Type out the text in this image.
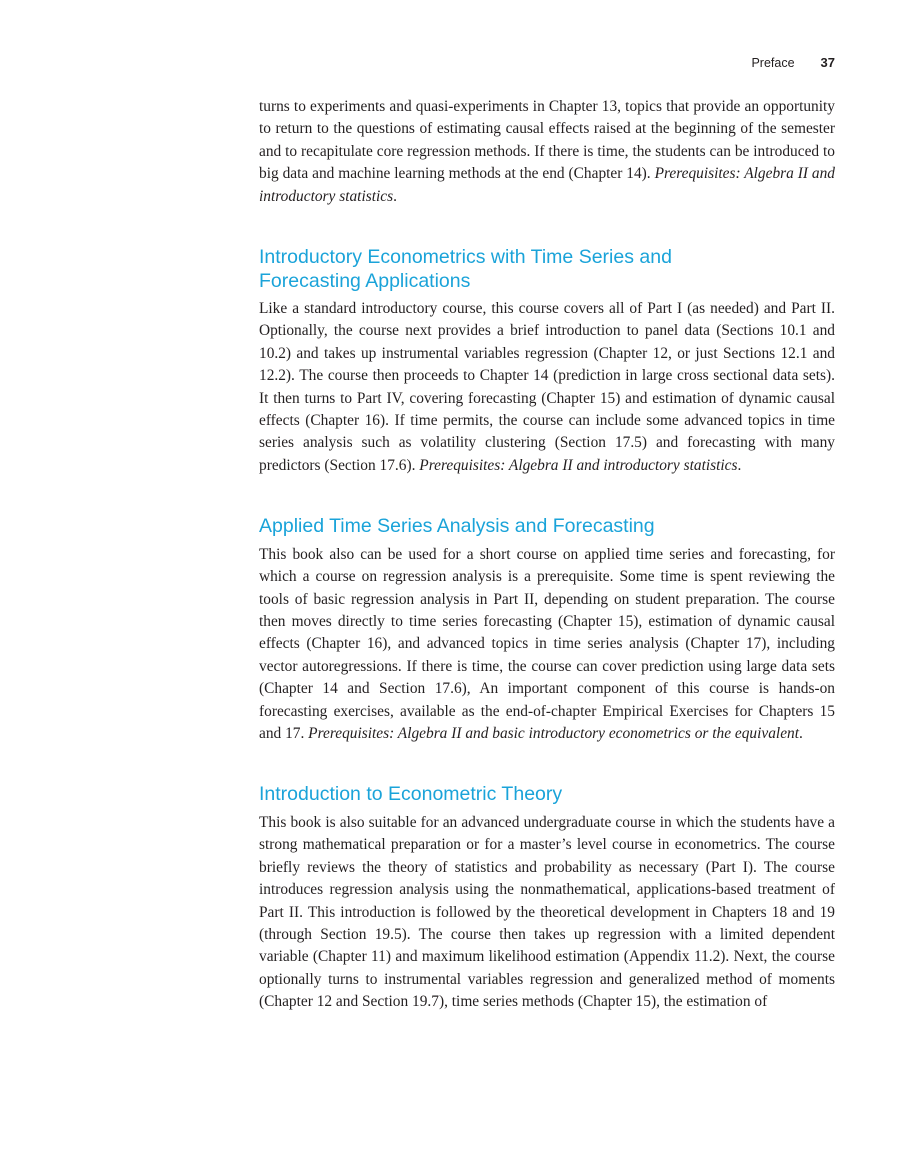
Preface 37

turns to experiments and quasi-experiments in Chapter 13, topics that provide an opportunity to return to the questions of estimating causal effects raised at the beginning of the semester and to recapitulate core regression methods. If there is time, the students can be introduced to big data and machine learning methods at the end (Chapter 14). Prerequisites: Algebra II and introductory statistics.

Introductory Econometrics with Time Series and Forecasting Applications

Like a standard introductory course, this course covers all of Part I (as needed) and Part II. Optionally, the course next provides a brief introduction to panel data (Sections 10.1 and 10.2) and takes up instrumental variables regression (Chapter 12, or just Sections 12.1 and 12.2). The course then proceeds to Chapter 14 (prediction in large cross sectional data sets). It then turns to Part IV, covering forecasting (Chapter 15) and estimation of dynamic causal effects (Chapter 16). If time permits, the course can include some advanced topics in time series analysis such as volatility clustering (Section 17.5) and forecasting with many predictors (Section 17.6). Prerequisites: Algebra II and introductory statistics.

Applied Time Series Analysis and Forecasting

This book also can be used for a short course on applied time series and forecasting, for which a course on regression analysis is a prerequisite. Some time is spent reviewing the tools of basic regression analysis in Part II, depending on student preparation. The course then moves directly to time series forecasting (Chapter 15), estimation of dynamic causal effects (Chapter 16), and advanced topics in time series analysis (Chapter 17), including vector autoregressions. If there is time, the course can cover prediction using large data sets (Chapter 14 and Section 17.6), An important component of this course is hands-on forecasting exercises, available as the end-of-chapter Empirical Exercises for Chapters 15 and 17. Prerequisites: Algebra II and basic introductory econometrics or the equivalent.

Introduction to Econometric Theory

This book is also suitable for an advanced undergraduate course in which the students have a strong mathematical preparation or for a master’s level course in econometrics. The course briefly reviews the theory of statistics and probability as necessary (Part I). The course introduces regression analysis using the nonmathematical, applications-based treatment of Part II. This introduction is followed by the theoretical development in Chapters 18 and 19 (through Section 19.5). The course then takes up regression with a limited dependent variable (Chapter 11) and maximum likelihood estimation (Appendix 11.2). Next, the course optionally turns to instrumental variables regression and generalized method of moments (Chapter 12 and Section 19.7), time series methods (Chapter 15), the estimation of
